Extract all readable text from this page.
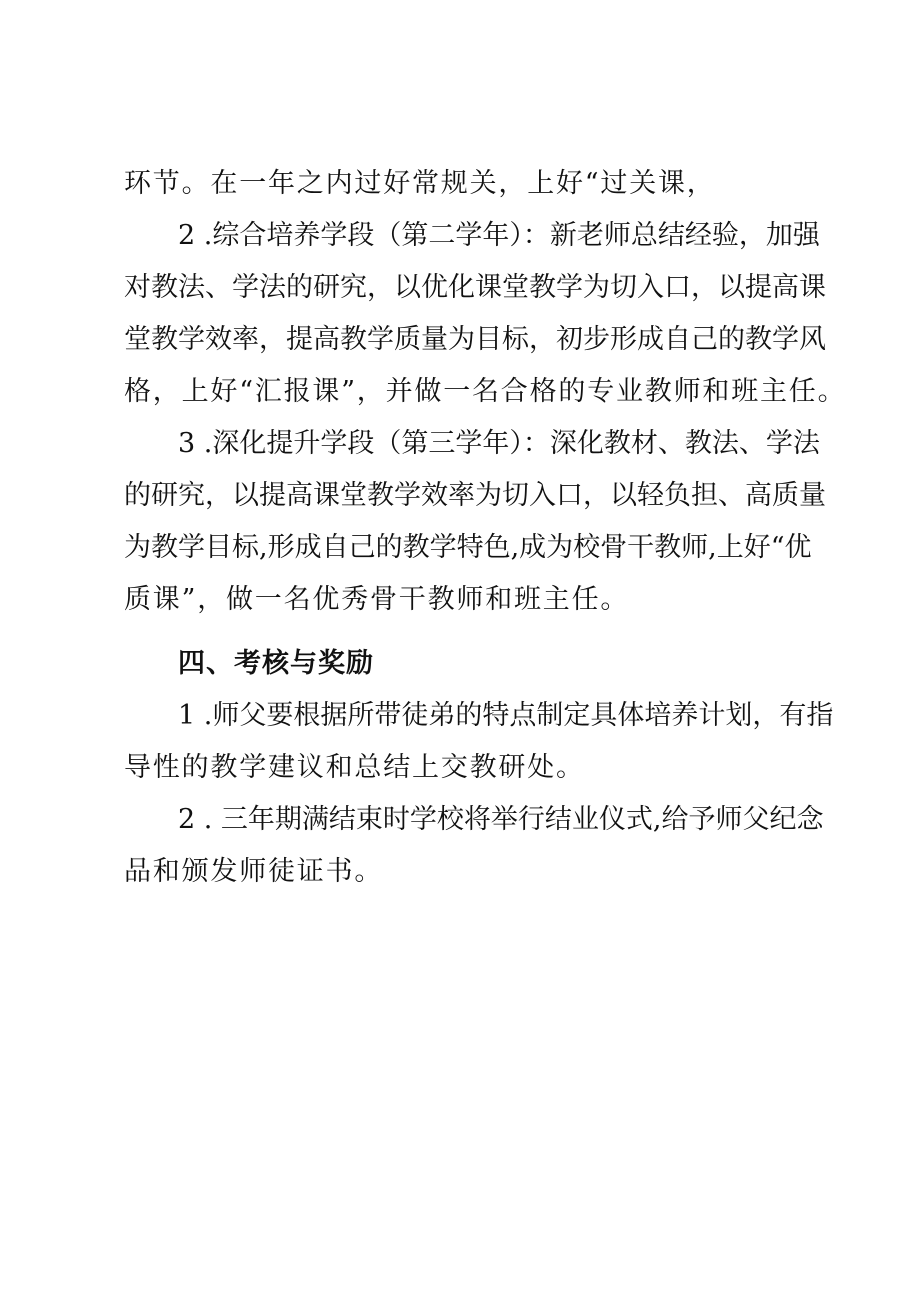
环节。在一年之内过好常规关，上好“过关课，
2 .综合培养学段（第二学年）：新老师总结经验，加强
对教法、学法的研究，以优化课堂教学为切入口，以提高课
堂教学效率，提高教学质量为目标，初步形成自己的教学风
格，上好“汇报课”，并做一名合格的专业教师和班主任。
3 .深化提升学段（第三学年）：深化教材、教法、学法
的研究，以提高课堂教学效率为切入口，以轻负担、高质量
为教学目标,形成自己的教学特色,成为校骨干教师,上好“优
质课”，做一名优秀骨干教师和班主任。
四、考核与奖励
1 .师父要根据所带徒弟的特点制定具体培养计划，有指
导性的教学建议和总结上交教研处。
2 . 三年期满结束时学校将举行结业仪式,给予师父纪念
品和颁发师徒证书。
